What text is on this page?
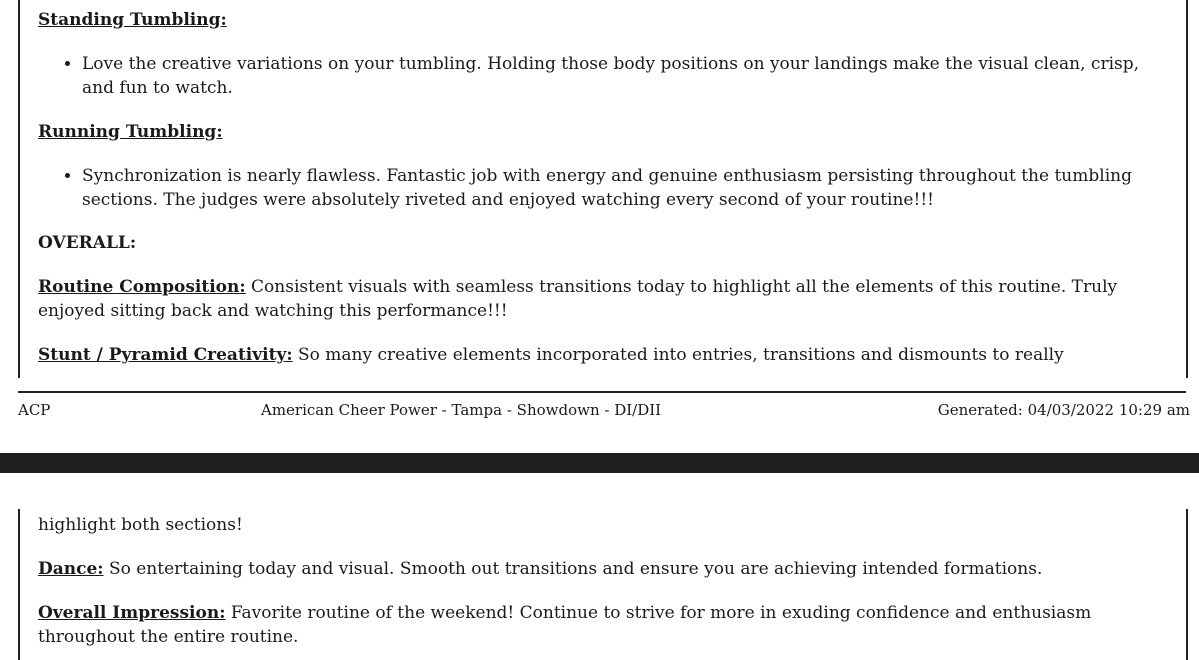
Standing Tumbling:

• Love the creative variations on your tumbling. Holding those body positions on your landings make the visual clean, crisp, and fun to watch.

Running Tumbling:

• Synchronization is nearly flawless. Fantastic job with energy and genuine enthusiasm persisting throughout the tumbling sections. The judges were absolutely riveted and enjoyed watching every second of your routine!!!

OVERALL:

Routine Composition: Consistent visuals with seamless transitions today to highlight all the elements of this routine. Truly enjoyed sitting back and watching this performance!!!

Stunt / Pyramid Creativity: So many creative elements incorporated into entries, transitions and dismounts to really

ACP	American Cheer Power - Tampa - Showdown - DI/DII	Generated: 04/03/2022 10:29 am

highlight both sections!

Dance: So entertaining today and visual. Smooth out transitions and ensure you are achieving intended formations.

Overall Impression: Favorite routine of the weekend! Continue to strive for more in exuding confidence and enthusiasm throughout the entire routine.
